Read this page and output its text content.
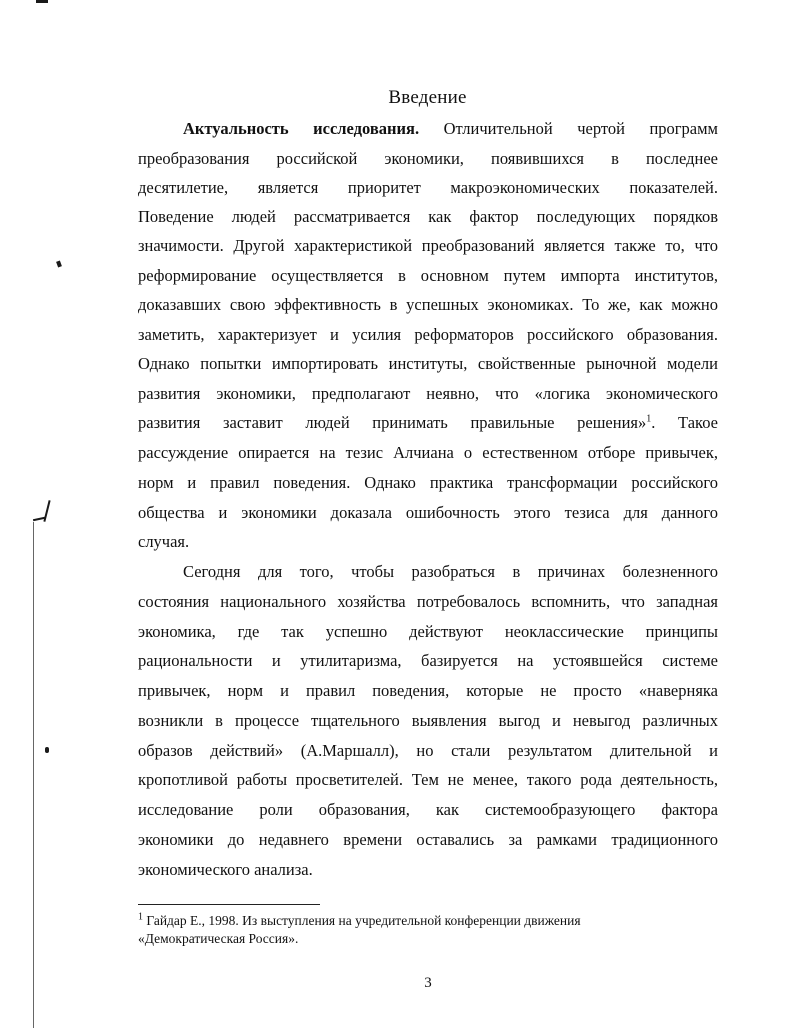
Введение
Актуальность исследования. Отличительной чертой программ
преобразования российской экономики, появившихся в последнее
десятилетие, является приоритет макроэкономических показателей.
Поведение людей рассматривается как фактор последующих порядков
значимости. Другой характеристикой преобразований является также то, что
реформирование осуществляется в основном путем импорта институтов,
доказавших свою эффективность в успешных экономиках. То же, как можно
заметить, характеризует и усилия реформаторов российского образования.
Однако попытки импортировать институты, свойственные рыночной модели
развития экономики, предполагают неявно, что «логика экономического
развития заставит людей принимать правильные решения»$^1$. Такое
рассуждение опирается на тезис Алчиана о естественном отборе привычек,
норм и правил поведения. Однако практика трансформации российского
общества и экономики доказала ошибочность этого тезиса для данного
случая.
Сегодня для того, чтобы разобраться в причинах болезненного
состояния национального хозяйства потребовалось вспомнить, что западная
экономика, где так успешно действуют неоклассические принципы
рациональности и утилитаризма, базируется на устоявшейся системе
привычек, норм и правил поведения, которые не просто «наверняка
возникли в процессе тщательного выявления выгод и невыгод различных
образов действий» (А.Маршалл), но стали результатом длительной и
кропотливой работы просветителей. Тем не менее, такого рода деятельность,
исследование роли образования, как системообразующего фактора
экономики до недавнего времени оставались за рамками традиционного
экономического анализа.
$^1$ Гайдар Е., 1998. Из выступления на учредительной конференции движения
«Демократическая Россия».
3
